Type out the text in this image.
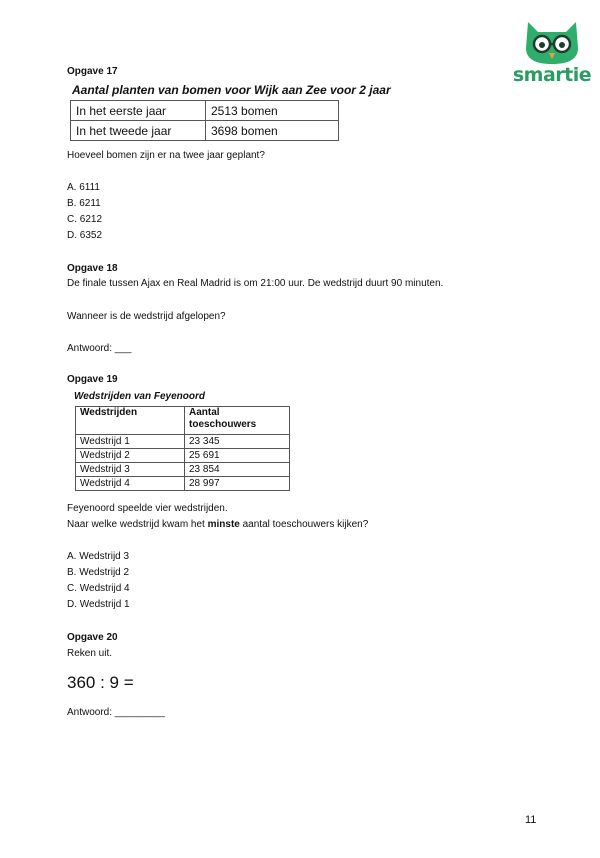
smartie
Opgave 17
Aantal planten van bomen voor Wijk aan Zee voor 2 jaar
In het eerste jaar	2513 bomen
In het tweede jaar	3698 bomen
Hoeveel bomen zijn er na twee jaar geplant?
A. 6111
B. 6211
C. 6212
D. 6352
Opgave 18
De finale tussen Ajax en Real Madrid is om 21:00 uur. De wedstrijd duurt 90 minuten.
Wanneer is de wedstrijd afgelopen?
Antwoord: ___
Opgave 19
Wedstrijden van Feyenoord
Wedstrijden	Aantal toeschouwers
Wedstrijd 1	23 345
Wedstrijd 2	25 691
Wedstrijd 3	23 854
Wedstrijd 4	28 997
Feyenoord speelde vier wedstrijden.
Naar welke wedstrijd kwam het minste aantal toeschouwers kijken?
A. Wedstrijd 3
B. Wedstrijd 2
C. Wedstrijd 4
D. Wedstrijd 1
Opgave 20
Reken uit.
360 : 9 =
Antwoord: _________
11
